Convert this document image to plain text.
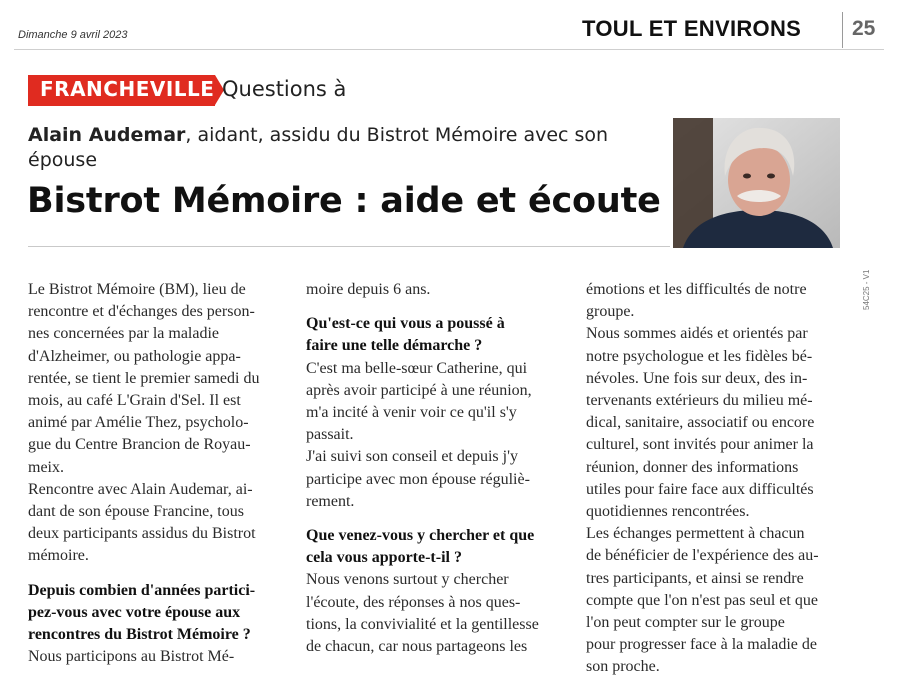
Dimanche 9 avril 2023	TOUL ET ENVIRONS 25
FRANCHEVILLE Questions à
Alain Audemar, aidant, assidu du Bistrot Mémoire avec son
épouse
Bistrot Mémoire : aide et écoute

Le Bistrot Mémoire (BM), lieu de
rencontre et d'échanges des person-
nes concernées par la maladie
d'Alzheimer, ou pathologie appa-
rentée, se tient le premier samedi du
mois, au café L'Grain d'Sel. Il est
animé par Amélie Thez, psycholo-
gue du Centre Brancion de Royau-
meix.

Rencontre avec Alain Audemar, ai-
dant de son épouse Francine, tous
deux participants assidus du Bistrot
mémoire.

Depuis combien d'années partici-
pez-vous avec votre épouse aux
rencontres du Bistrot Mémoire ?

Nous participons au Bistrot Mé-

moire depuis 6 ans.

Qu'est-ce qui vous a poussé à
faire une telle démarche ?

C'est ma belle-sœur Catherine, qui
après avoir participé à une réunion,
m'a incité à venir voir ce qu'il s'y
passait.

J'ai suivi son conseil et depuis j'y
participe avec mon épouse réguliè-
rement.

Que venez-vous y chercher et que
cela vous apporte-t-il ?

Nous venons surtout y chercher
l'écoute, des réponses à nos ques-
tions, la convivialité et la gentillesse
de chacun, car nous partageons les

émotions et les difficultés de notre
groupe.

Nous sommes aidés et orientés par
notre psychologue et les fidèles bé-
névoles. Une fois sur deux, des in-
tervenants extérieurs du milieu mé-
dical, sanitaire, associatif ou encore
culturel, sont invités pour animer la
réunion, donner des informations
utiles pour faire face aux difficultés
quotidiennes rencontrées.

Les échanges permettent à chacun
de bénéficier de l'expérience des au-
tres participants, et ainsi se rendre
compte que l'on n'est pas seul et que
l'on peut compter sur le groupe
pour progresser face à la maladie de
son proche.

54C25 - V1
